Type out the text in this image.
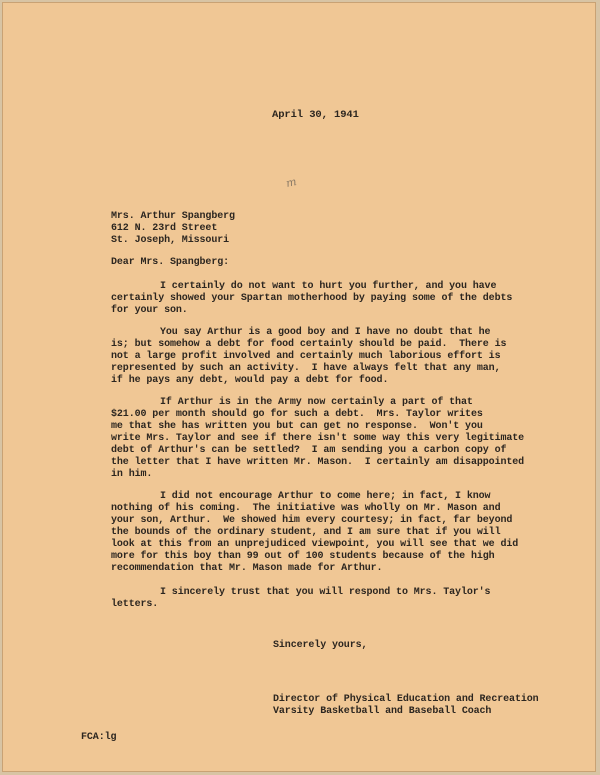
April 30, 1941
m
Mrs. Arthur Spangberg
612 N. 23rd Street
St. Joseph, Missouri
Dear Mrs. Spangberg:
I certainly do not want to hurt you further, and you have
certainly showed your Spartan motherhood by paying some of the debts
for your son.
You say Arthur is a good boy and I have no doubt that he
is; but somehow a debt for food certainly should be paid.  There is
not a large profit involved and certainly much laborious effort is
represented by such an activity.  I have always felt that any man,
if he pays any debt, would pay a debt for food.
If Arthur is in the Army now certainly a part of that
$21.00 per month should go for such a debt.  Mrs. Taylor writes
me that she has written you but can get no response.  Won't you
write Mrs. Taylor and see if there isn't some way this very legitimate
debt of Arthur's can be settled?  I am sending you a carbon copy of
the letter that I have written Mr. Mason.  I certainly am disappointed
in him.
I did not encourage Arthur to come here; in fact, I know
nothing of his coming.  The initiative was wholly on Mr. Mason and
your son, Arthur.  We showed him every courtesy; in fact, far beyond
the bounds of the ordinary student, and I am sure that if you will
look at this from an unprejudiced viewpoint, you will see that we did
more for this boy than 99 out of 100 students because of the high
recommendation that Mr. Mason made for Arthur.
I sincerely trust that you will respond to Mrs. Taylor's
letters.
Sincerely yours,
Director of Physical Education and Recreation
Varsity Basketball and Baseball Coach
FCA:lg
